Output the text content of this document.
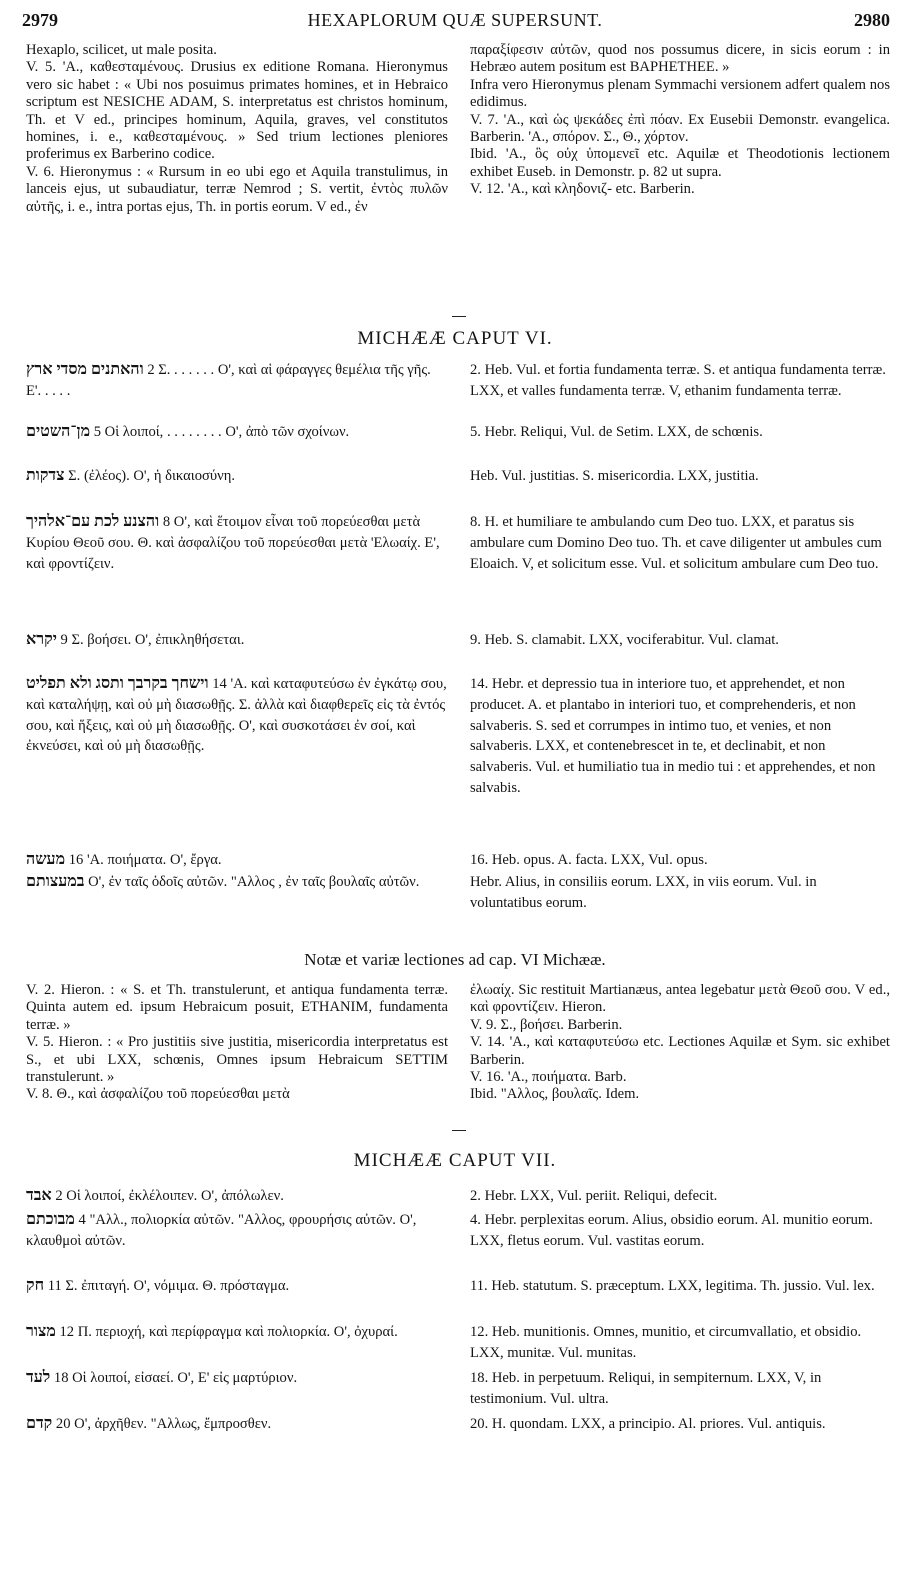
2979	HEXAPLORUM QUÆ SUPERSUNT.	2980

Hexaplo, scilicet, ut male posita.

V. 5. 'A., καθεσταμένους. Drusius ex editione Romana. Hieronymus vero sic habet : « Ubi nos posuimus primates homines, et in Hebraico scriptum est NESICHE ADAM, S. interpretatus est christos hominum, Th. et V ed., principes hominum, Aquila, graves, vel constitutos homines, i. e., καθεσταμένους. » Sed trium lectiones pleniores proferimus ex Barberino codice.

V. 6. Hieronymus : « Rursum in eo ubi ego et Aquila transtulimus, in lanceis ejus, ut subaudiatur, terræ Nemrod ; S. vertit, ἐντὸς πυλῶν αὐτῆς, i. e., intra portas ejus, Th. in portis eorum. V ed., ἐν

παραξίφεσιν αὐτῶν, quod nos possumus dicere, in sicis eorum : in Hebræo autem positum est BAPHETHEE. »

Infra vero Hieronymus plenam Symmachi versionem adfert qualem nos edidimus.

V. 7. 'A., καὶ ὡς ψεκάδες ἐπὶ πόαν. Ex Eusebii Demonstr. evangelica. Barberin. 'A., σπόρον. Σ., Θ., χόρτον.

Ibid. 'A., ὃς οὐχ ὑπομενεῖ etc. Aquilæ et Theodotionis lectionem exhibet Euseb. in Demonstr. p. 82 ut supra.

V. 12. 'A., καὶ κληδονιζ- etc. Barberin.

MICHÆÆ CAPUT VI.

והאתנים מסדי ארץ 2 Σ. . . . . . . O', καὶ αἱ φάραγγες θεμέλια τῆς γῆς. E'. . . . .

מן־השטים 5 Oἱ λοιποί, . . . . . . . . O', ἀπὸ τῶν σχοίνων.

צדקות Σ. (ἐλέος). O', ἡ δικαιοσύνη.

והצנע לכת עם־אלהיך 8 O', καὶ ἕτοιμον εἶναι τοῦ πορεύεσθαι μετὰ Κυρίου Θεοῦ σου. Θ. καὶ ἀσφαλίζου τοῦ πορεύεσθαι μετὰ 'Ελωαίχ. E', καὶ φροντίζειν.

יקרא 9 Σ. βοήσει. O', ἐπικληθήσεται.

וישחך בקרבך ותסג ולא תפליט 14 'A. καὶ καταφυτεύσω ἐν ἐγκάτῳ σου, καὶ καταλήψῃ, καὶ οὐ μὴ διασωθῇς. Σ. ἀλλὰ καὶ διαφθερεῖς εἰς τὰ ἐντός σου, καὶ ἥξεις, καὶ οὐ μὴ διασωθῇς. O', καὶ συσκοτάσει ἐν σοί, καὶ ἐκνεύσει, καὶ οὐ μὴ διασωθῇς.

מעשה 16 'A. ποιήματα. O', ἔργα.

במעצותם O', ἐν ταῖς ὁδοῖς αὐτῶν. "Aλλος , ἐν ταῖς βουλαῖς αὐτῶν.

2. Heb. Vul. et fortia fundamenta terræ. S. et antiqua fundamenta terræ. LXX, et valles fundamenta terræ. V, ethanim fundamenta terræ.

5. Hebr. Reliqui, Vul. de Setim. LXX, de schœnis.

Heb. Vul. justitias. S. misericordia. LXX, justitia.

8. H. et humiliare te ambulando cum Deo tuo. LXX, et paratus sis ambulare cum Domino Deo tuo. Th. et cave diligenter ut ambules cum Eloaich. V, et solicitum esse. Vul. et solicitum ambulare cum Deo tuo.

9. Heb. S. clamabit. LXX, vociferabitur. Vul. clamat.

14. Hebr. et depressio tua in interiore tuo, et apprehendet, et non producet. A. et plantabo in interiori tuo, et comprehenderis, et non salvaberis. S. sed et corrumpes in intimo tuo, et venies, et non salvaberis. LXX, et contenebrescet in te, et declinabit, et non salvaberis. Vul. et humiliatio tua in medio tui : et apprehendes, et non salvabis.

16. Heb. opus. A. facta. LXX, Vul. opus.

Hebr. Alius, in consiliis eorum. LXX, in viis eorum. Vul. in voluntatibus eorum.

Notæ et variæ lectiones ad cap. VI Michææ.

V. 2. Hieron. : « S. et Th. transtulerunt, et antiqua fundamenta terræ. Quinta autem ed. ipsum Hebraicum posuit, ETHANIM, fundamenta terræ. »

V. 5. Hieron. : « Pro justitiis sive justitia, misericordia interpretatus est S., et ubi LXX, schœnis, Omnes ipsum Hebraicum SETTIM transtulerunt. »

V. 8. Θ., καὶ ἀσφαλίζου τοῦ πορεύεσθαι μετὰ

ἐλωαίχ. Sic restituit Martianæus, antea legebatur μετὰ Θεοῦ σου. V ed., καὶ φροντίζειν. Hieron.

V. 9. Σ., βοήσει. Barberin.

V. 14. 'A., καὶ καταφυτεύσω etc. Lectiones Aquilæ et Sym. sic exhibet Barberin.

V. 16. 'A., ποιήματα. Barb.

Ibid. "Aλλος, βουλαῖς. Idem.

MICHÆÆ CAPUT VII.

אבד 2 Oἱ λοιποί, ἐκλέλοιπεν. O', ἀπόλωλεν.

מבוכתם 4 "Aλλ., πολιορκία αὐτῶν. "Aλλος, φρουρήσις αὐτῶν. O', κλαυθμοὶ αὐτῶν.

חק 11 Σ. ἐπιταγή. O', νόμιμα. Θ. πρόσταγμα.

מצור 12 Π. περιοχή, καὶ περίφραγμα καὶ πολιορκία. O', ὀχυραί.

לעד 18 Oἱ λοιποί, εἰσαεί. O', E' εἰς μαρτύριον.

קדם 20 O', ἀρχῆθεν. "Aλλως, ἔμπροσθεν.

2. Hebr. LXX, Vul. periit. Reliqui, defecit.

4. Hebr. perplexitas eorum. Alius, obsidio eorum. Al. munitio eorum. LXX, fletus eorum. Vul. vastitas eorum.

11. Heb. statutum. S. præceptum. LXX, legitima. Th. jussio. Vul. lex.

12. Heb. munitionis. Omnes, munitio, et circumvallatio, et obsidio. LXX, munitæ. Vul. munitas.

18. Heb. in perpetuum. Reliqui, in sempiternum. LXX, V, in testimonium. Vul. ultra.

20. H. quondam. LXX, a principio. Al. priores. Vul. antiquis.
